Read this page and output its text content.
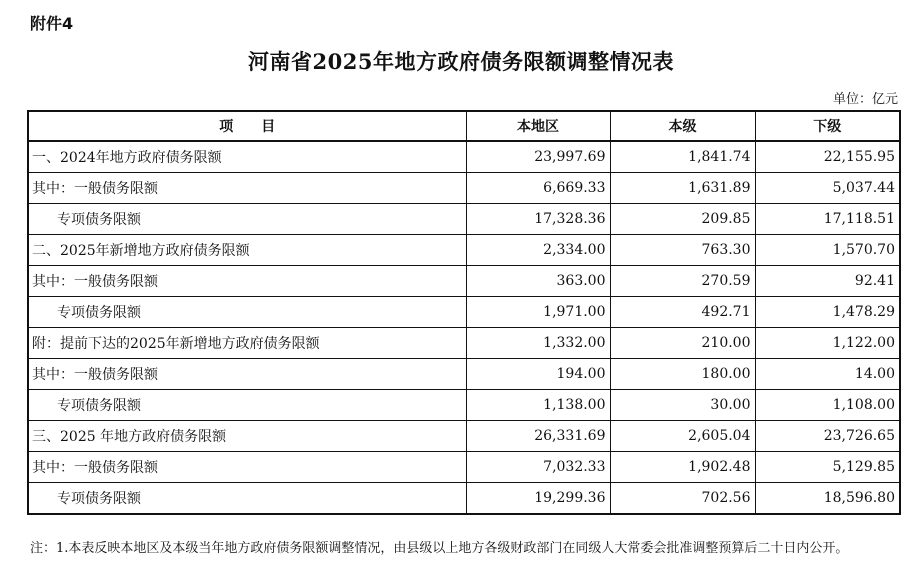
附件4
河南省2025年地方政府债务限额调整情况表
单位：亿元
项　　目	本地区	本级	下级
一、2024年地方政府债务限额	23,997.69	1,841.74	22,155.95
其中：一般债务限额	6,669.33	1,631.89	5,037.44
专项债务限额	17,328.36	209.85	17,118.51
二、2025年新增地方政府债务限额	2,334.00	763.30	1,570.70
其中：一般债务限额	363.00	270.59	92.41
专项债务限额	1,971.00	492.71	1,478.29
附：提前下达的2025年新增地方政府债务限额	1,332.00	210.00	1,122.00
其中：一般债务限额	194.00	180.00	14.00
专项债务限额	1,138.00	30.00	1,108.00
三、2025 年地方政府债务限额	26,331.69	2,605.04	23,726.65
其中：一般债务限额	7,032.33	1,902.48	5,129.85
专项债务限额	19,299.36	702.56	18,596.80
注：1.本表反映本地区及本级当年地方政府债务限额调整情况，由县级以上地方各级财政部门在同级人大常委会批准调整预算后二十日内公开。
